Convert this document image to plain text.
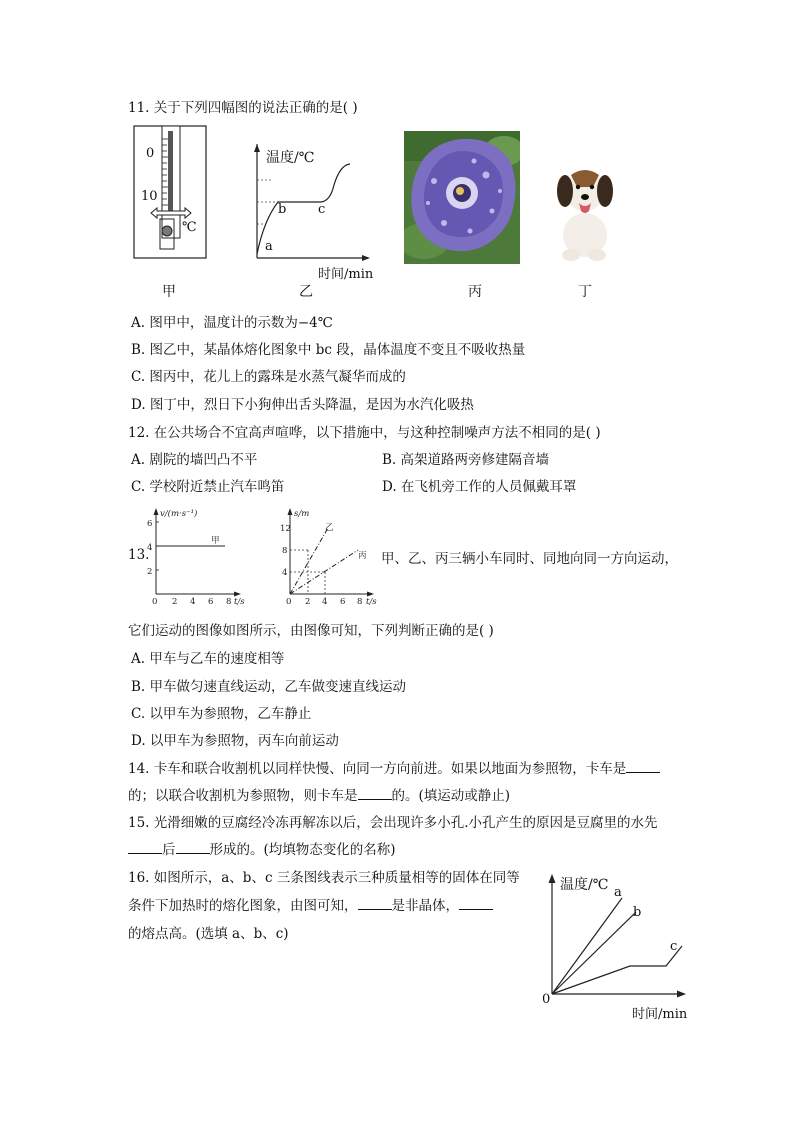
11. 关于下列四幅图的说法正确的是( )
0
10
℃
甲
温度/℃
时间/min
a
b c
乙	丙	丁
A. 图甲中，温度计的示数为−4℃
B. 图乙中，某晶体熔化图象中 bc 段，晶体温度不变且不吸收热量
C. 图丙中，花儿上的露珠是水蒸气凝华而成的
D. 图丁中，烈日下小狗伸出舌头降温，是因为水汽化吸热
12. 在公共场合不宜高声喧哗，以下措施中，与这种控制噪声方法不相同的是( )
A. 剧院的墙凹凸不平	B. 高架道路两旁修建隔音墙
C. 学校附近禁止汽车鸣笛	D. 在飞机旁工作的人员佩戴耳罩
13.
v/(m·s⁻¹)
6
4
2
0 2 4 6 8 t/s
甲
s/m
12
8
4
0 2 4 6 8 t/s
乙
丙 甲、乙、丙三辆小车同时、同地向同一方向运动，
它们运动的图像如图所示，由图像可知，下列判断正确的是( )
A. 甲车与乙车的速度相等
B. 甲车做匀速直线运动，乙车做变速直线运动
C. 以甲车为参照物，乙车静止
D. 以甲车为参照物，丙车向前运动
14. 卡车和联合收割机以同样快慢、向同一方向前进。如果以地面为参照物，卡车是
的；以联合收割机为参照物，则卡车是	的。(填运动或静止)
15. 光滑细嫩的豆腐经冷冻再解冻以后，会出现许多小孔.小孔产生的原因是豆腐里的水先
后	形成的。(均填物态变化的名称)
16. 如图所示，a、b、c 三条图线表示三种质量相等的固体在同等
条件下加热时的熔化图象，由图可知，	是非晶体，
的熔点高。(选填 a、b、c)
温度/℃ a
b
c
0
时间/min
